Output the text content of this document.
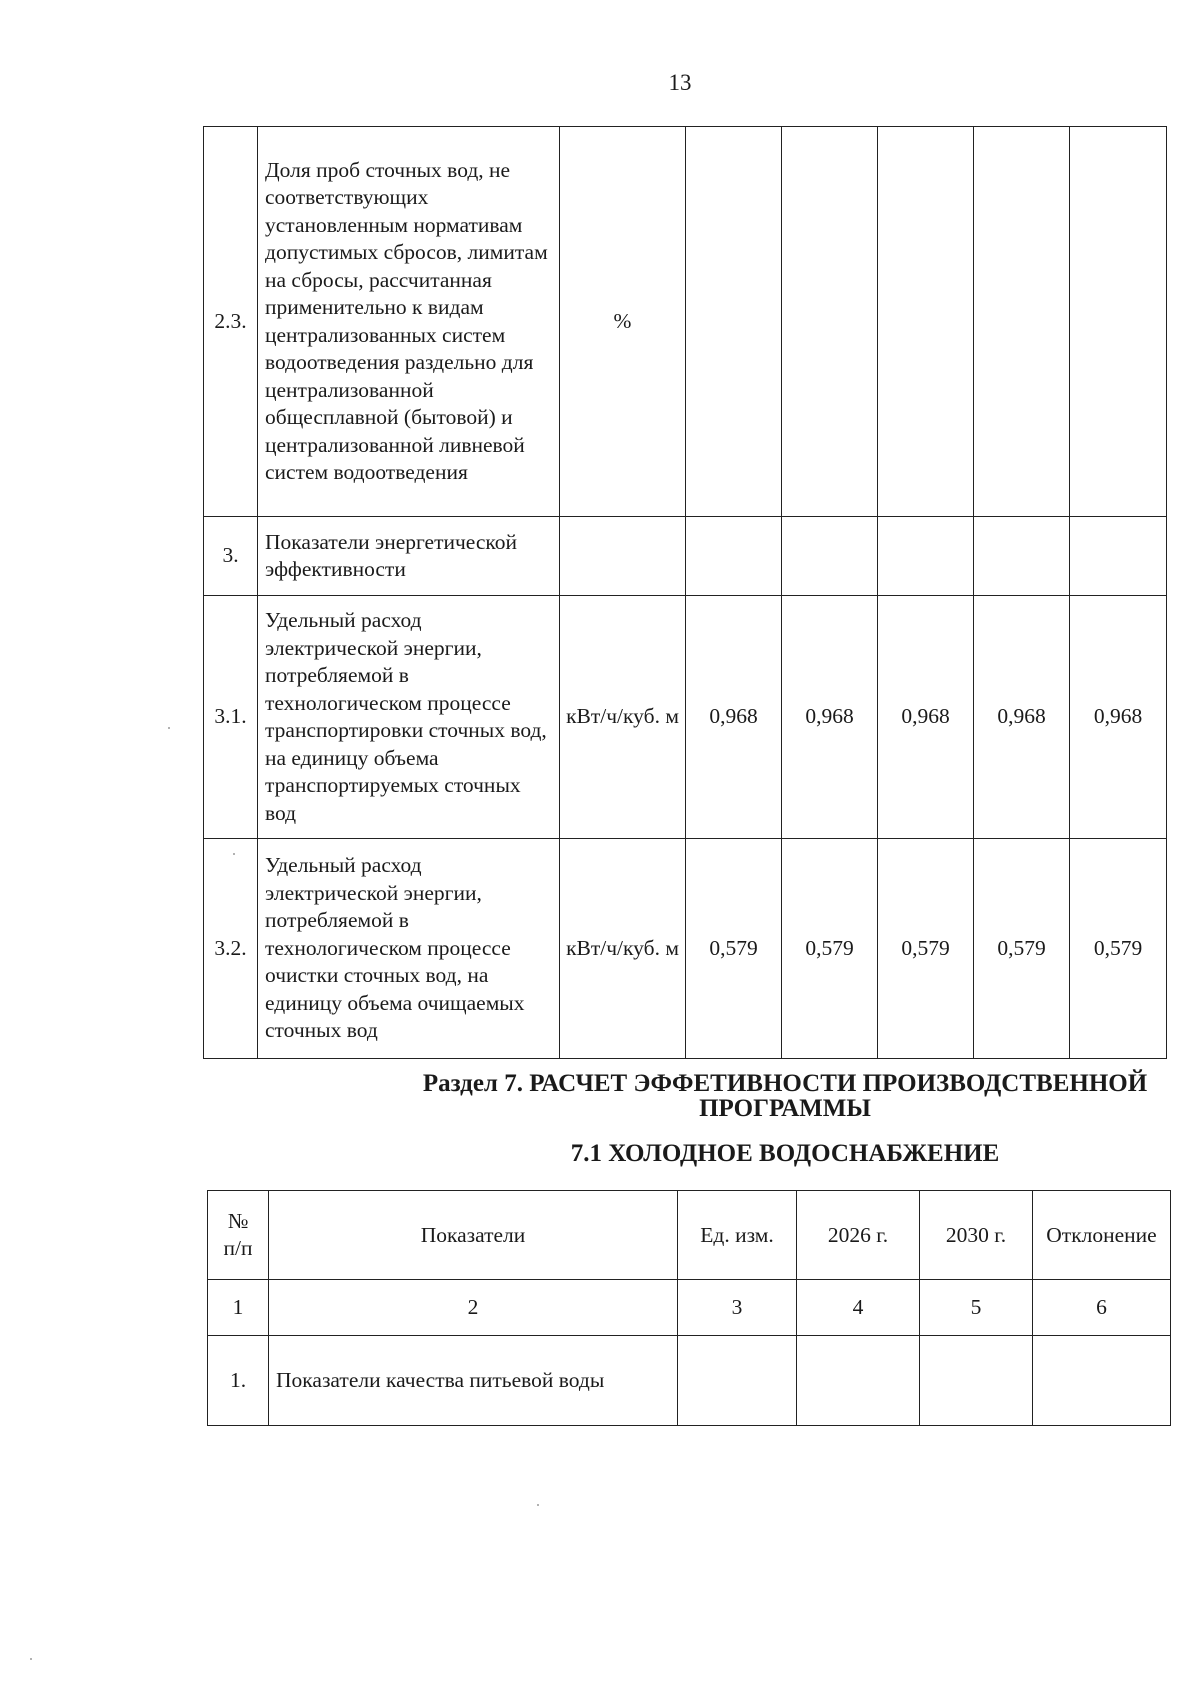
13
2.3.	Доля проб сточных вод, не соответствующих установленным нормативам допустимых сбросов, лимитам на сбросы, рассчитанная применительно к видам централизованных систем водоотведения раздельно для централизованной общесплавной (бытовой) и централизованной ливневой систем водоотведения	%					
3.	Показатели энергетической эффективности						
3.1.	Удельный расход электрической энергии, потребляемой в технологическом процессе транспортировки сточных вод, на единицу объема транспортируемых сточных вод	кВт/ч/куб. м	0,968	0,968	0,968	0,968	0,968
3.2.	Удельный расход электрической энергии, потребляемой в технологическом процессе очистки сточных вод, на единицу объема очищаемых сточных вод	кВт/ч/куб. м	0,579	0,579	0,579	0,579	0,579
Раздел 7. РАСЧЕТ ЭФФЕТИВНОСТИ ПРОИЗВОДСТВЕННОЙ
ПРОГРАММЫ
7.1 ХОЛОДНОЕ ВОДОСНАБЖЕНИЕ
№ п/п	Показатели	Ед. изм.	2026 г.	2030 г.	Отклонение
1	2	3	4	5	6
1.	Показатели качества питьевой воды				
